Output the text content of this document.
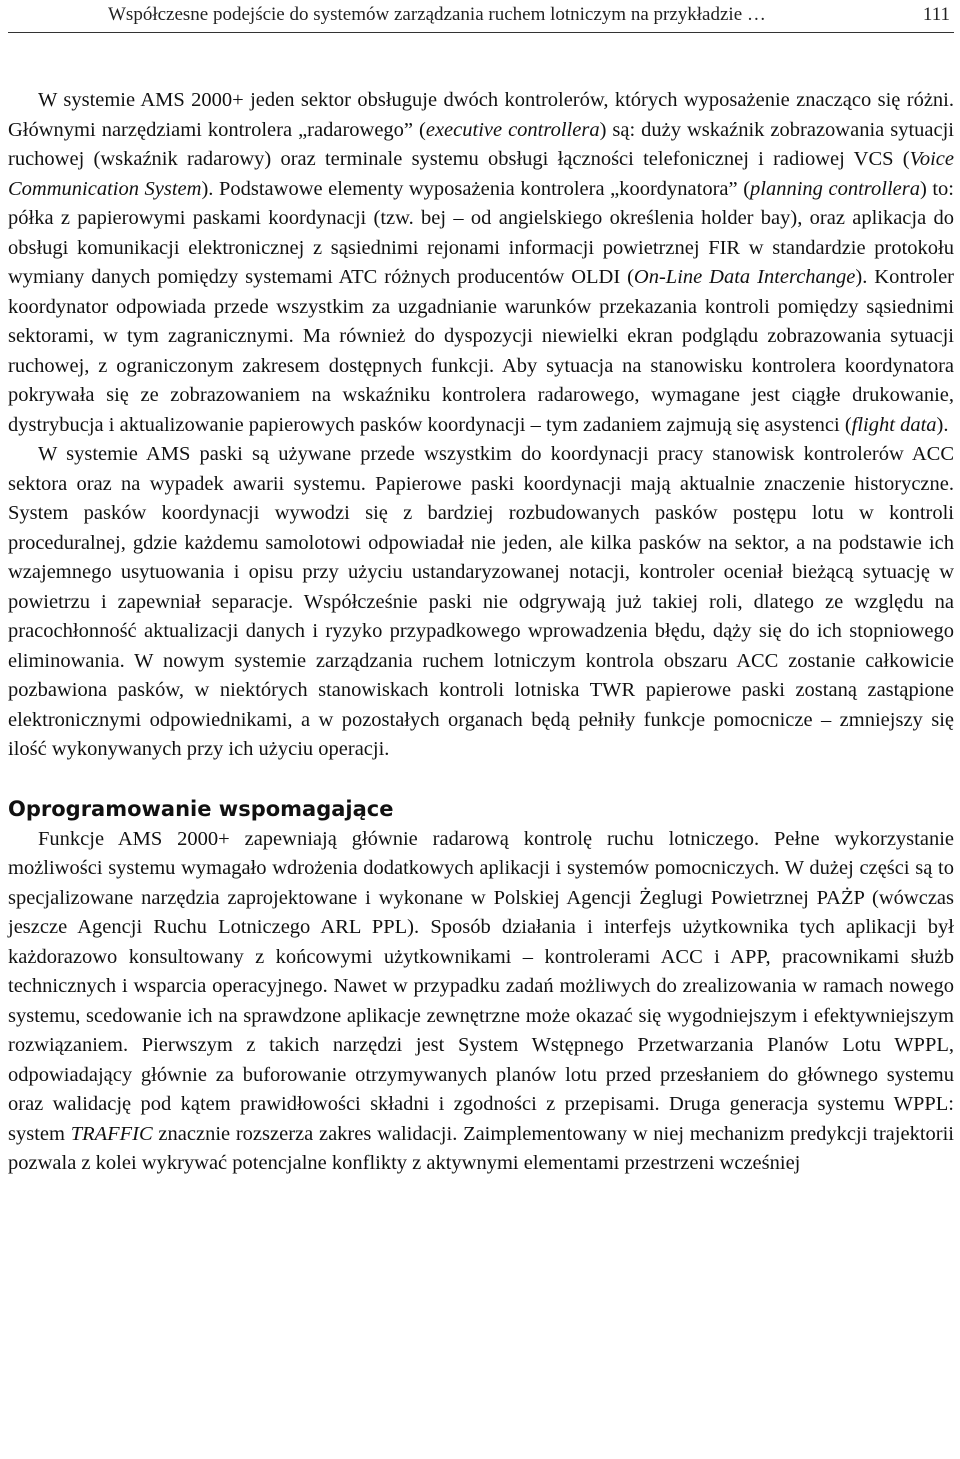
Współczesne podejście do systemów zarządzania ruchem lotniczym na przykładzie …	111

W systemie AMS 2000+ jeden sektor obsługuje dwóch kontrolerów, których wyposażenie znacząco się różni. Głównymi narzędziami kontrolera „radarowego” (executive controllera) są: duży wskaźnik zobrazowania sytuacji ruchowej (wskaźnik radarowy) oraz terminale systemu obsługi łączności telefonicznej i radiowej VCS (Voice Communication System). Podstawowe elementy wyposażenia kontrolera „koordynatora” (planning controllera) to: półka z papierowymi paskami koordynacji (tzw. bej – od angielskiego określenia holder bay), oraz aplikacja do obsługi komunikacji elektronicznej z sąsiednimi rejonami informacji powietrznej FIR w standardzie protokołu wymiany danych pomiędzy systemami ATC różnych producentów OLDI (On-Line Data Interchange). Kontroler koordynator odpowiada przede wszystkim za uzgadnianie warunków przekazania kontroli pomiędzy sąsiednimi sektorami, w tym zagranicznymi. Ma również do dyspozycji niewielki ekran podglądu zobrazowania sytuacji ruchowej, z ograniczonym zakresem dostępnych funkcji. Aby sytuacja na stanowisku kontrolera koordynatora pokrywała się ze zobrazowaniem na wskaźniku kontrolera radarowego, wymagane jest ciągłe drukowanie, dystrybucja i aktualizowanie papierowych pasków koordynacji – tym zadaniem zajmują się asystenci (flight data).

W systemie AMS paski są używane przede wszystkim do koordynacji pracy stanowisk kontrolerów ACC sektora oraz na wypadek awarii systemu. Papierowe paski koordynacji mają aktualnie znaczenie historyczne. System pasków koordynacji wywodzi się z bardziej rozbudowanych pasków postępu lotu w kontroli proceduralnej, gdzie każdemu samolotowi odpowiadał nie jeden, ale kilka pasków na sektor, a na podstawie ich wzajemnego usytuowania i opisu przy użyciu ustandaryzowanej notacji, kontroler oceniał bieżącą sytuację w powietrzu i zapewniał separacje. Współcześnie paski nie odgrywają już takiej roli, dlatego ze względu na pracochłonność aktualizacji danych i ryzyko przypadkowego wprowadzenia błędu, dąży się do ich stopniowego eliminowania. W nowym systemie zarządzania ruchem lotniczym kontrola obszaru ACC zostanie całkowicie pozbawiona pasków, w niektórych stanowiskach kontroli lotniska TWR papierowe paski zostaną zastąpione elektronicznymi odpowiednikami, a w pozostałych organach będą pełniły funkcje pomocnicze – zmniejszy się ilość wykonywanych przy ich użyciu operacji.

Oprogramowanie wspomagające

Funkcje AMS 2000+ zapewniają głównie radarową kontrolę ruchu lotniczego. Pełne wykorzystanie możliwości systemu wymagało wdrożenia dodatkowych aplikacji i systemów pomocniczych. W dużej części są to specjalizowane narzędzia zaprojektowane i wykonane w Polskiej Agencji Żeglugi Powietrznej PAŻP (wówczas jeszcze Agencji Ruchu Lotniczego ARL PPL). Sposób działania i interfejs użytkownika tych aplikacji był każdorazowo konsultowany z końcowymi użytkownikami – kontrolerami ACC i APP, pracownikami służb technicznych i wsparcia operacyjnego. Nawet w przypadku zadań możliwych do zrealizowania w ramach nowego systemu, scedowanie ich na sprawdzone aplikacje zewnętrzne może okazać się wygodniejszym i efektywniejszym rozwiązaniem. Pierwszym z takich narzędzi jest System Wstępnego Przetwarzania Planów Lotu WPPL, odpowiadający głównie za buforowanie otrzymywanych planów lotu przed przesłaniem do głównego systemu oraz walidację pod kątem prawidłowości składni i zgodności z przepisami. Druga generacja systemu WPPL: system TRAFFIC znacznie rozszerza zakres walidacji. Zaimplementowany w niej mechanizm predykcji trajektorii pozwala z kolei wykrywać potencjalne konflikty z aktywnymi elementami przestrzeni wcześniej
